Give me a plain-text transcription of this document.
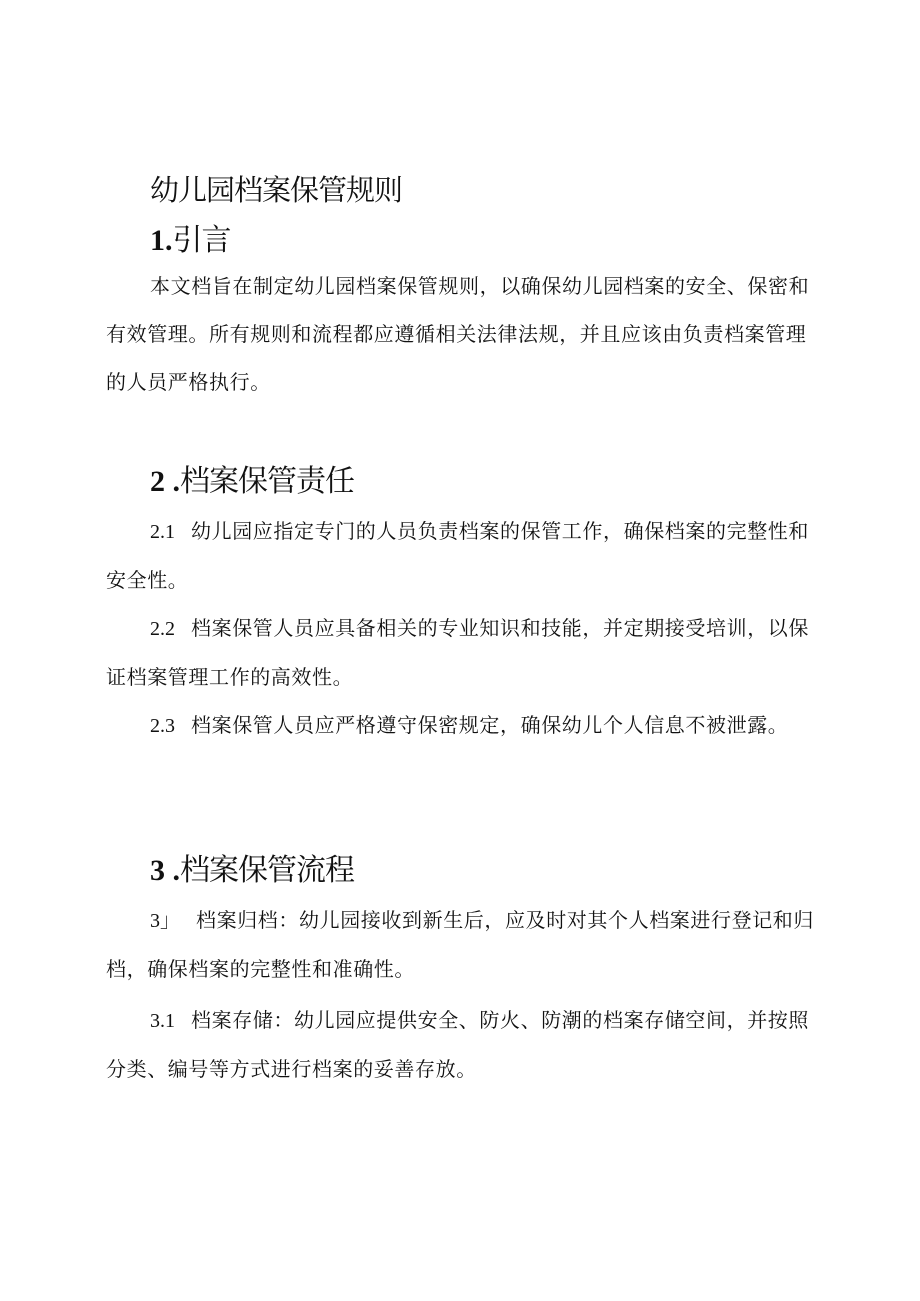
幼儿园档案保管规则
1.引言

本文档旨在制定幼儿园档案保管规则，以确保幼儿园档案的安全、保密和有效管理。所有规则和流程都应遵循相关法律法规，并且应该由负责档案管理的人员严格执行。

2 .档案保管责任

2.1 幼儿园应指定专门的人员负责档案的保管工作，确保档案的完整性和安全性。

2.2 档案保管人员应具备相关的专业知识和技能，并定期接受培训，以保证档案管理工作的高效性。

2.3 档案保管人员应严格遵守保密规定，确保幼儿个人信息不被泄露。

3 .档案保管流程

3」 档案归档：幼儿园接收到新生后，应及时对其个人档案进行登记和归档，确保档案的完整性和准确性。

3.1 档案存储：幼儿园应提供安全、防火、防潮的档案存储空间，并按照分类、编号等方式进行档案的妥善存放。
